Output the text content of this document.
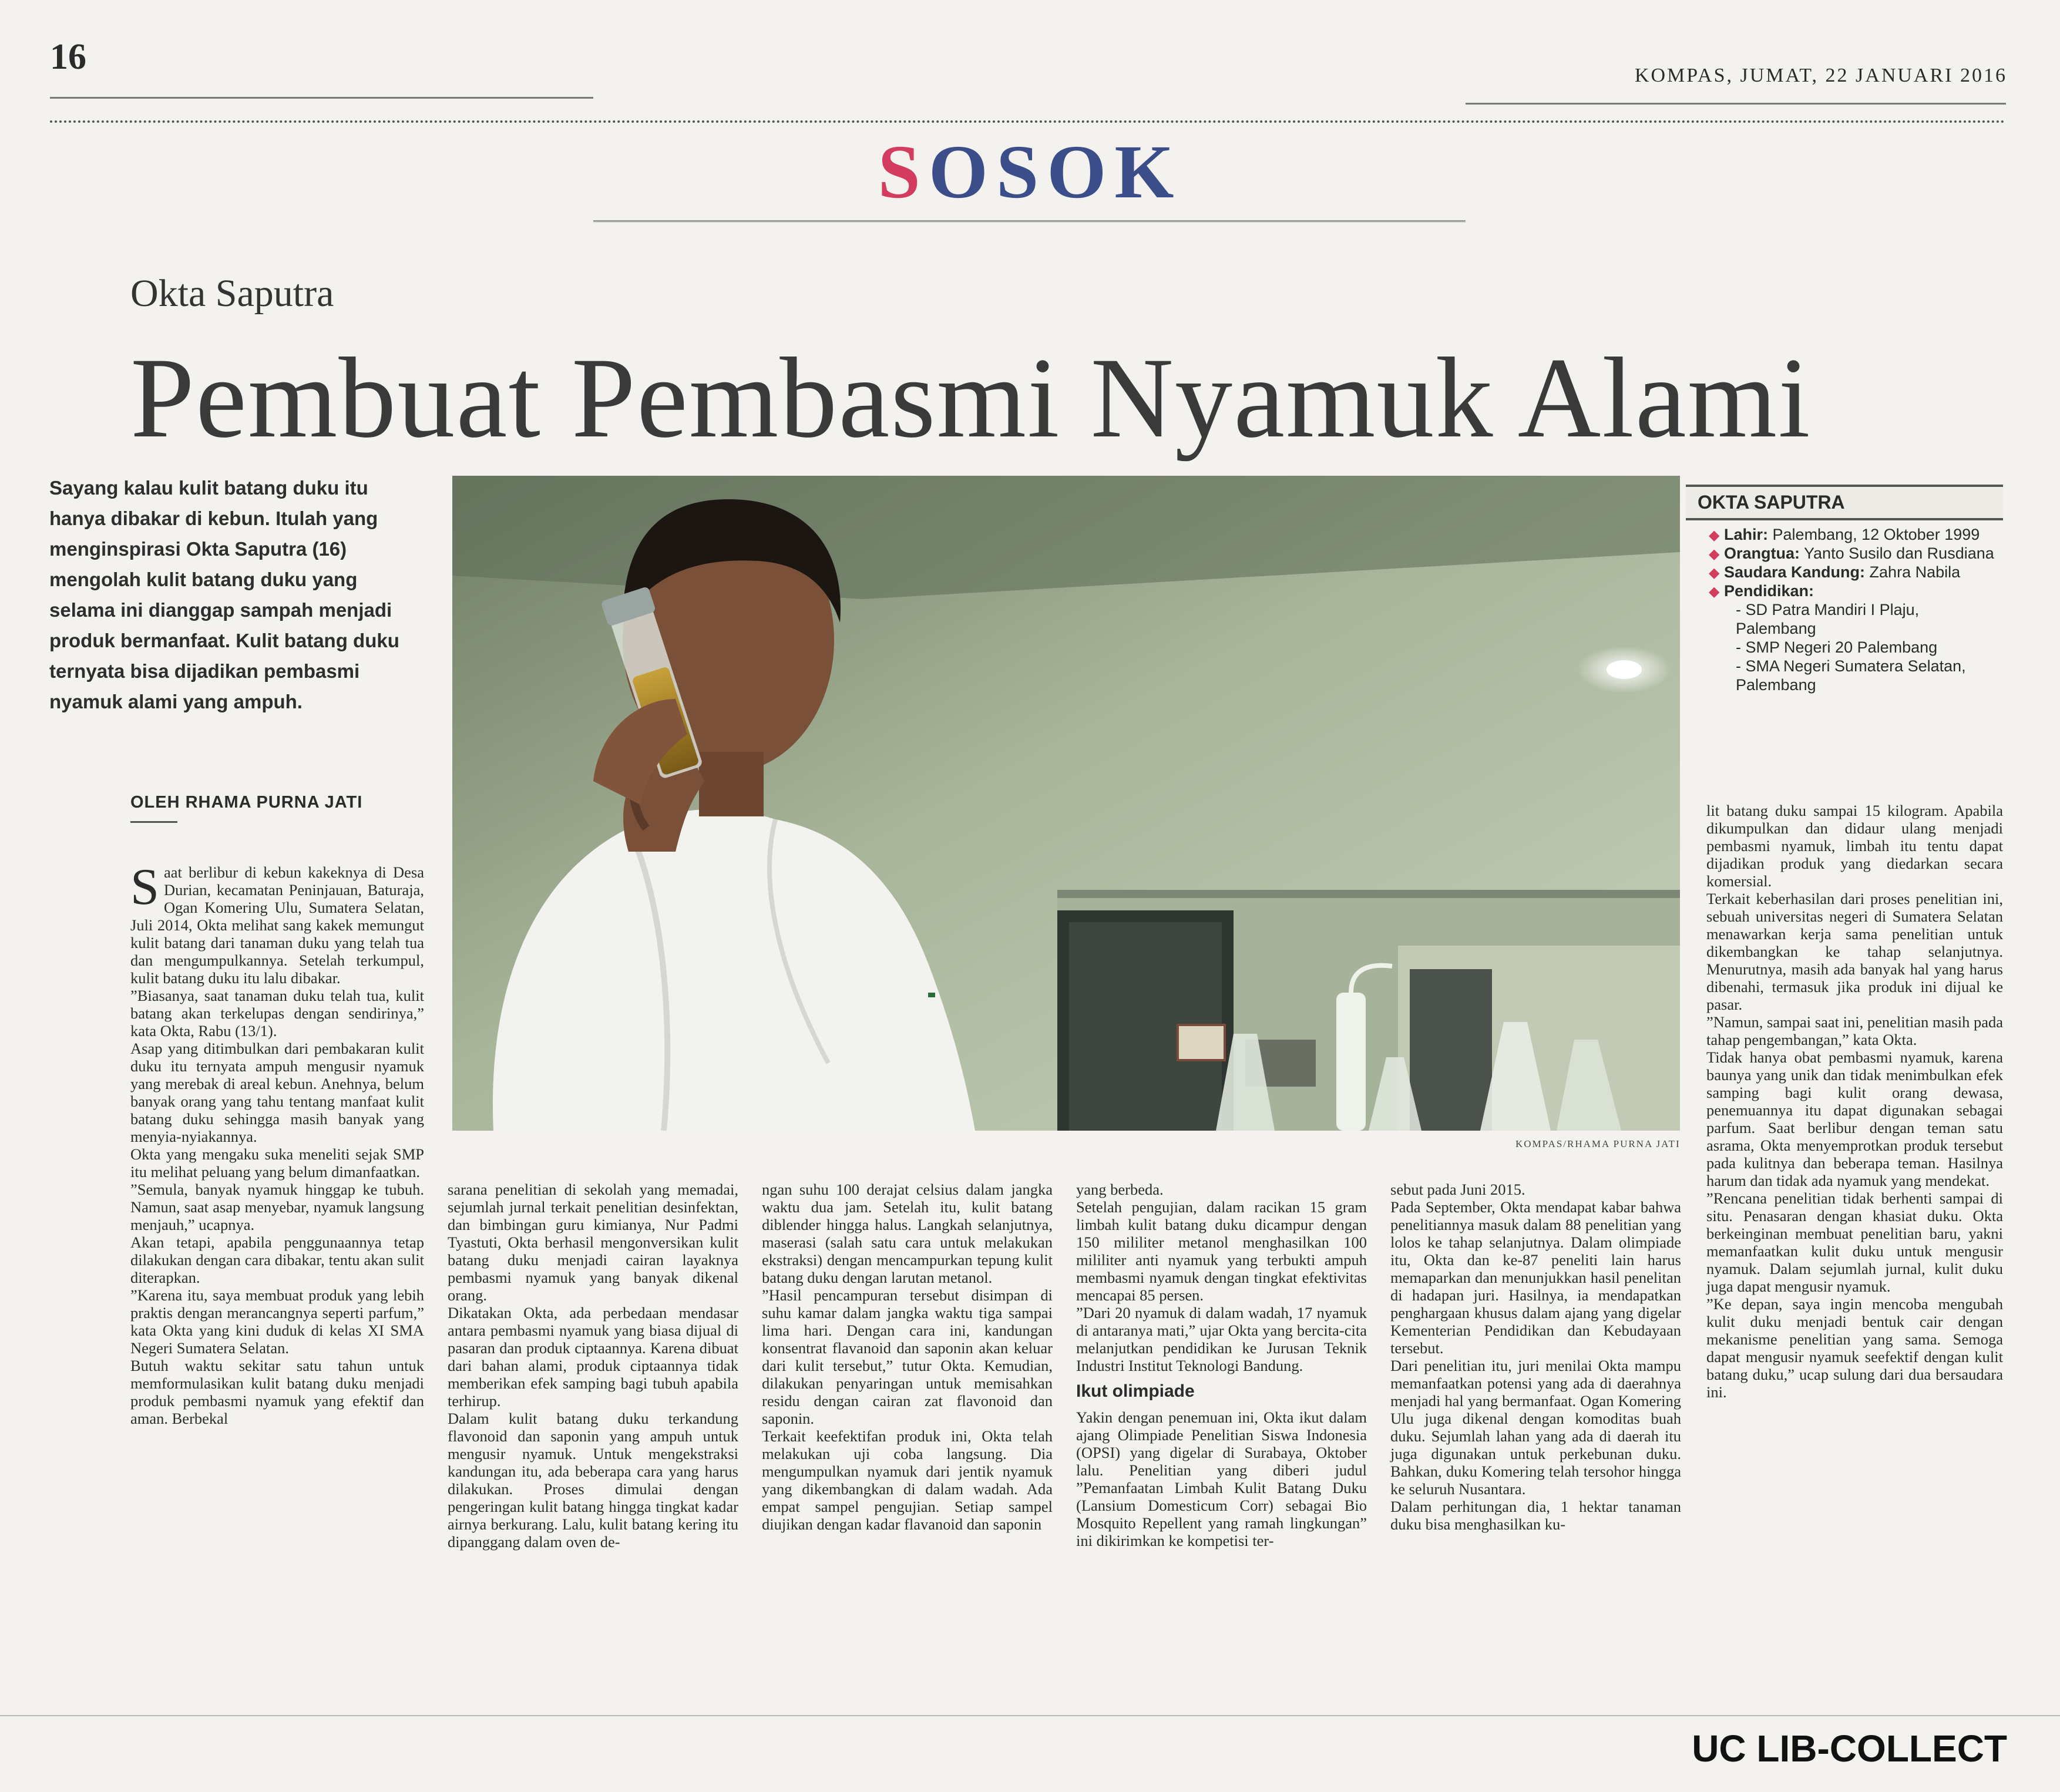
16	KOMPAS, JUMAT, 22 JANUARI 2016
SOSOK
Okta Saputra
Pembuat Pembasmi Nyamuk Alami
Sayang kalau kulit batang duku itu hanya dibakar di kebun. Itulah yang menginspirasi Okta Saputra (16) mengolah kulit batang duku yang selama ini dianggap sampah menjadi produk bermanfaat. Kulit batang duku ternyata bisa dijadikan pembasmi nyamuk alami yang ampuh.
OLEH RHAMA PURNA JATI
KOMPAS/RHAMA PURNA JATI
OKTA SAPUTRA
◆ Lahir: Palembang, 12 Oktober 1999
◆ Orangtua: Yanto Susilo dan Rusdiana
◆ Saudara Kandung: Zahra Nabila
◆ Pendidikan:
- SD Patra Mandiri I Plaju, Palembang
- SMP Negeri 20 Palembang
- SMA Negeri Sumatera Selatan, Palembang
S aat berlibur di kebun kakeknya di Desa Durian, kecamatan Peninjauan, Baturaja, Ogan Komering Ulu, Sumatera Selatan, Juli 2014, Okta melihat sang kakek memungut kulit batang dari tanaman duku yang telah tua dan mengumpulkannya. Setelah terkumpul, kulit batang duku itu lalu dibakar.

”Biasanya, saat tanaman duku telah tua, kulit batang akan terkelupas dengan sendirinya,” kata Okta, Rabu (13/1).

Asap yang ditimbulkan dari pembakaran kulit duku itu ternyata ampuh mengusir nyamuk yang merebak di areal kebun. Anehnya, belum banyak orang yang tahu tentang manfaat kulit batang duku sehingga masih banyak yang menyia-nyiakannya.

Okta yang mengaku suka meneliti sejak SMP itu melihat peluang yang belum dimanfaatkan.

”Semula, banyak nyamuk hinggap ke tubuh. Namun, saat asap menyebar, nyamuk langsung menjauh,” ucapnya.

Akan tetapi, apabila penggunaannya tetap dilakukan dengan cara dibakar, tentu akan sulit diterapkan.

”Karena itu, saya membuat produk yang lebih praktis dengan merancangnya seperti parfum,” kata Okta yang kini duduk di kelas XI SMA Negeri Sumatera Selatan.

Butuh waktu sekitar satu tahun untuk memformulasikan kulit batang duku menjadi produk pembasmi nyamuk yang efektif dan aman. Berbekal

sarana penelitian di sekolah yang memadai, sejumlah jurnal terkait penelitian desinfektan, dan bimbingan guru kimianya, Nur Padmi Tyastuti, Okta berhasil mengonversikan kulit batang duku menjadi cairan layaknya pembasmi nyamuk yang banyak dikenal orang.

Dikatakan Okta, ada perbedaan mendasar antara pembasmi nyamuk yang biasa dijual di pasaran dan produk ciptaannya. Karena dibuat dari bahan alami, produk ciptaannya tidak memberikan efek samping bagi tubuh apabila terhirup.

Dalam kulit batang duku terkandung flavonoid dan saponin yang ampuh untuk mengusir nyamuk. Untuk mengekstraksi kandungan itu, ada beberapa cara yang harus dilakukan. Proses dimulai dengan pengeringan kulit batang hingga tingkat kadar airnya berkurang. Lalu, kulit batang kering itu dipanggang dalam oven de-

ngan suhu 100 derajat celsius dalam jangka waktu dua jam. Setelah itu, kulit batang diblender hingga halus. Langkah selanjutnya, maserasi (salah satu cara untuk melakukan ekstraksi) dengan mencampurkan tepung kulit batang duku dengan larutan metanol.

”Hasil pencampuran tersebut disimpan di suhu kamar dalam jangka waktu tiga sampai lima hari. Dengan cara ini, kandungan konsentrat flavanoid dan saponin akan keluar dari kulit tersebut,” tutur Okta. Kemudian, dilakukan penyaringan untuk memisahkan residu dengan cairan zat flavonoid dan saponin.

Terkait keefektifan produk ini, Okta telah melakukan uji coba langsung. Dia mengumpulkan nyamuk dari jentik nyamuk yang dikembangkan di dalam wadah. Ada empat sampel pengujian. Setiap sampel diujikan dengan kadar flavanoid dan saponin

yang berbeda.

Setelah pengujian, dalam racikan 15 gram limbah kulit batang duku dicampur dengan 150 mililiter metanol menghasilkan 100 mililiter anti nyamuk yang terbukti ampuh membasmi nyamuk dengan tingkat efektivitas mencapai 85 persen.

”Dari 20 nyamuk di dalam wadah, 17 nyamuk di antaranya mati,” ujar Okta yang bercita-cita melanjutkan pendidikan ke Jurusan Teknik Industri Institut Teknologi Bandung.

Ikut olimpiade

Yakin dengan penemuan ini, Okta ikut dalam ajang Olimpiade Penelitian Siswa Indonesia (OPSI) yang digelar di Surabaya, Oktober lalu. Penelitian yang diberi judul ”Pemanfaatan Limbah Kulit Batang Duku (Lansium Domesticum Corr) sebagai Bio Mosquito Repellent yang ramah lingkungan” ini dikirimkan ke kompetisi ter-

sebut pada Juni 2015.

Pada September, Okta mendapat kabar bahwa penelitiannya masuk dalam 88 penelitian yang lolos ke tahap selanjutnya. Dalam olimpiade itu, Okta dan ke-87 peneliti lain harus memaparkan dan menunjukkan hasil penelitan di hadapan juri. Hasilnya, ia mendapatkan penghargaan khusus dalam ajang yang digelar Kementerian Pendidikan dan Kebudayaan tersebut.

Dari penelitian itu, juri menilai Okta mampu memanfaatkan potensi yang ada di daerahnya menjadi hal yang bermanfaat. Ogan Komering Ulu juga dikenal dengan komoditas buah duku. Sejumlah lahan yang ada di daerah itu juga digunakan untuk perkebunan duku. Bahkan, duku Komering telah tersohor hingga ke seluruh Nusantara.

Dalam perhitungan dia, 1 hektar tanaman duku bisa menghasilkan ku-

lit batang duku sampai 15 kilogram. Apabila dikumpulkan dan didaur ulang menjadi pembasmi nyamuk, limbah itu tentu dapat dijadikan produk yang diedarkan secara komersial.

Terkait keberhasilan dari proses penelitian ini, sebuah universitas negeri di Sumatera Selatan menawarkan kerja sama penelitian untuk dikembangkan ke tahap selanjutnya. Menurutnya, masih ada banyak hal yang harus dibenahi, termasuk jika produk ini dijual ke pasar.

”Namun, sampai saat ini, penelitian masih pada tahap pengembangan,” kata Okta.

Tidak hanya obat pembasmi nyamuk, karena baunya yang unik dan tidak menimbulkan efek samping bagi kulit orang dewasa, penemuannya itu dapat digunakan sebagai parfum. Saat berlibur dengan teman satu asrama, Okta menyemprotkan produk tersebut pada kulitnya dan beberapa teman. Hasilnya harum dan tidak ada nyamuk yang mendekat.

”Rencana penelitian tidak berhenti sampai di situ. Penasaran dengan khasiat duku. Okta berkeinginan membuat penelitian baru, yakni memanfaatkan kulit duku untuk mengusir nyamuk. Dalam sejumlah jurnal, kulit duku juga dapat mengusir nyamuk.

”Ke depan, saya ingin mencoba mengubah kulit duku menjadi bentuk cair dengan mekanisme penelitian yang sama. Semoga dapat mengusir nyamuk seefektif dengan kulit batang duku,” ucap sulung dari dua bersaudara ini.

UC LIB-COLLECT
